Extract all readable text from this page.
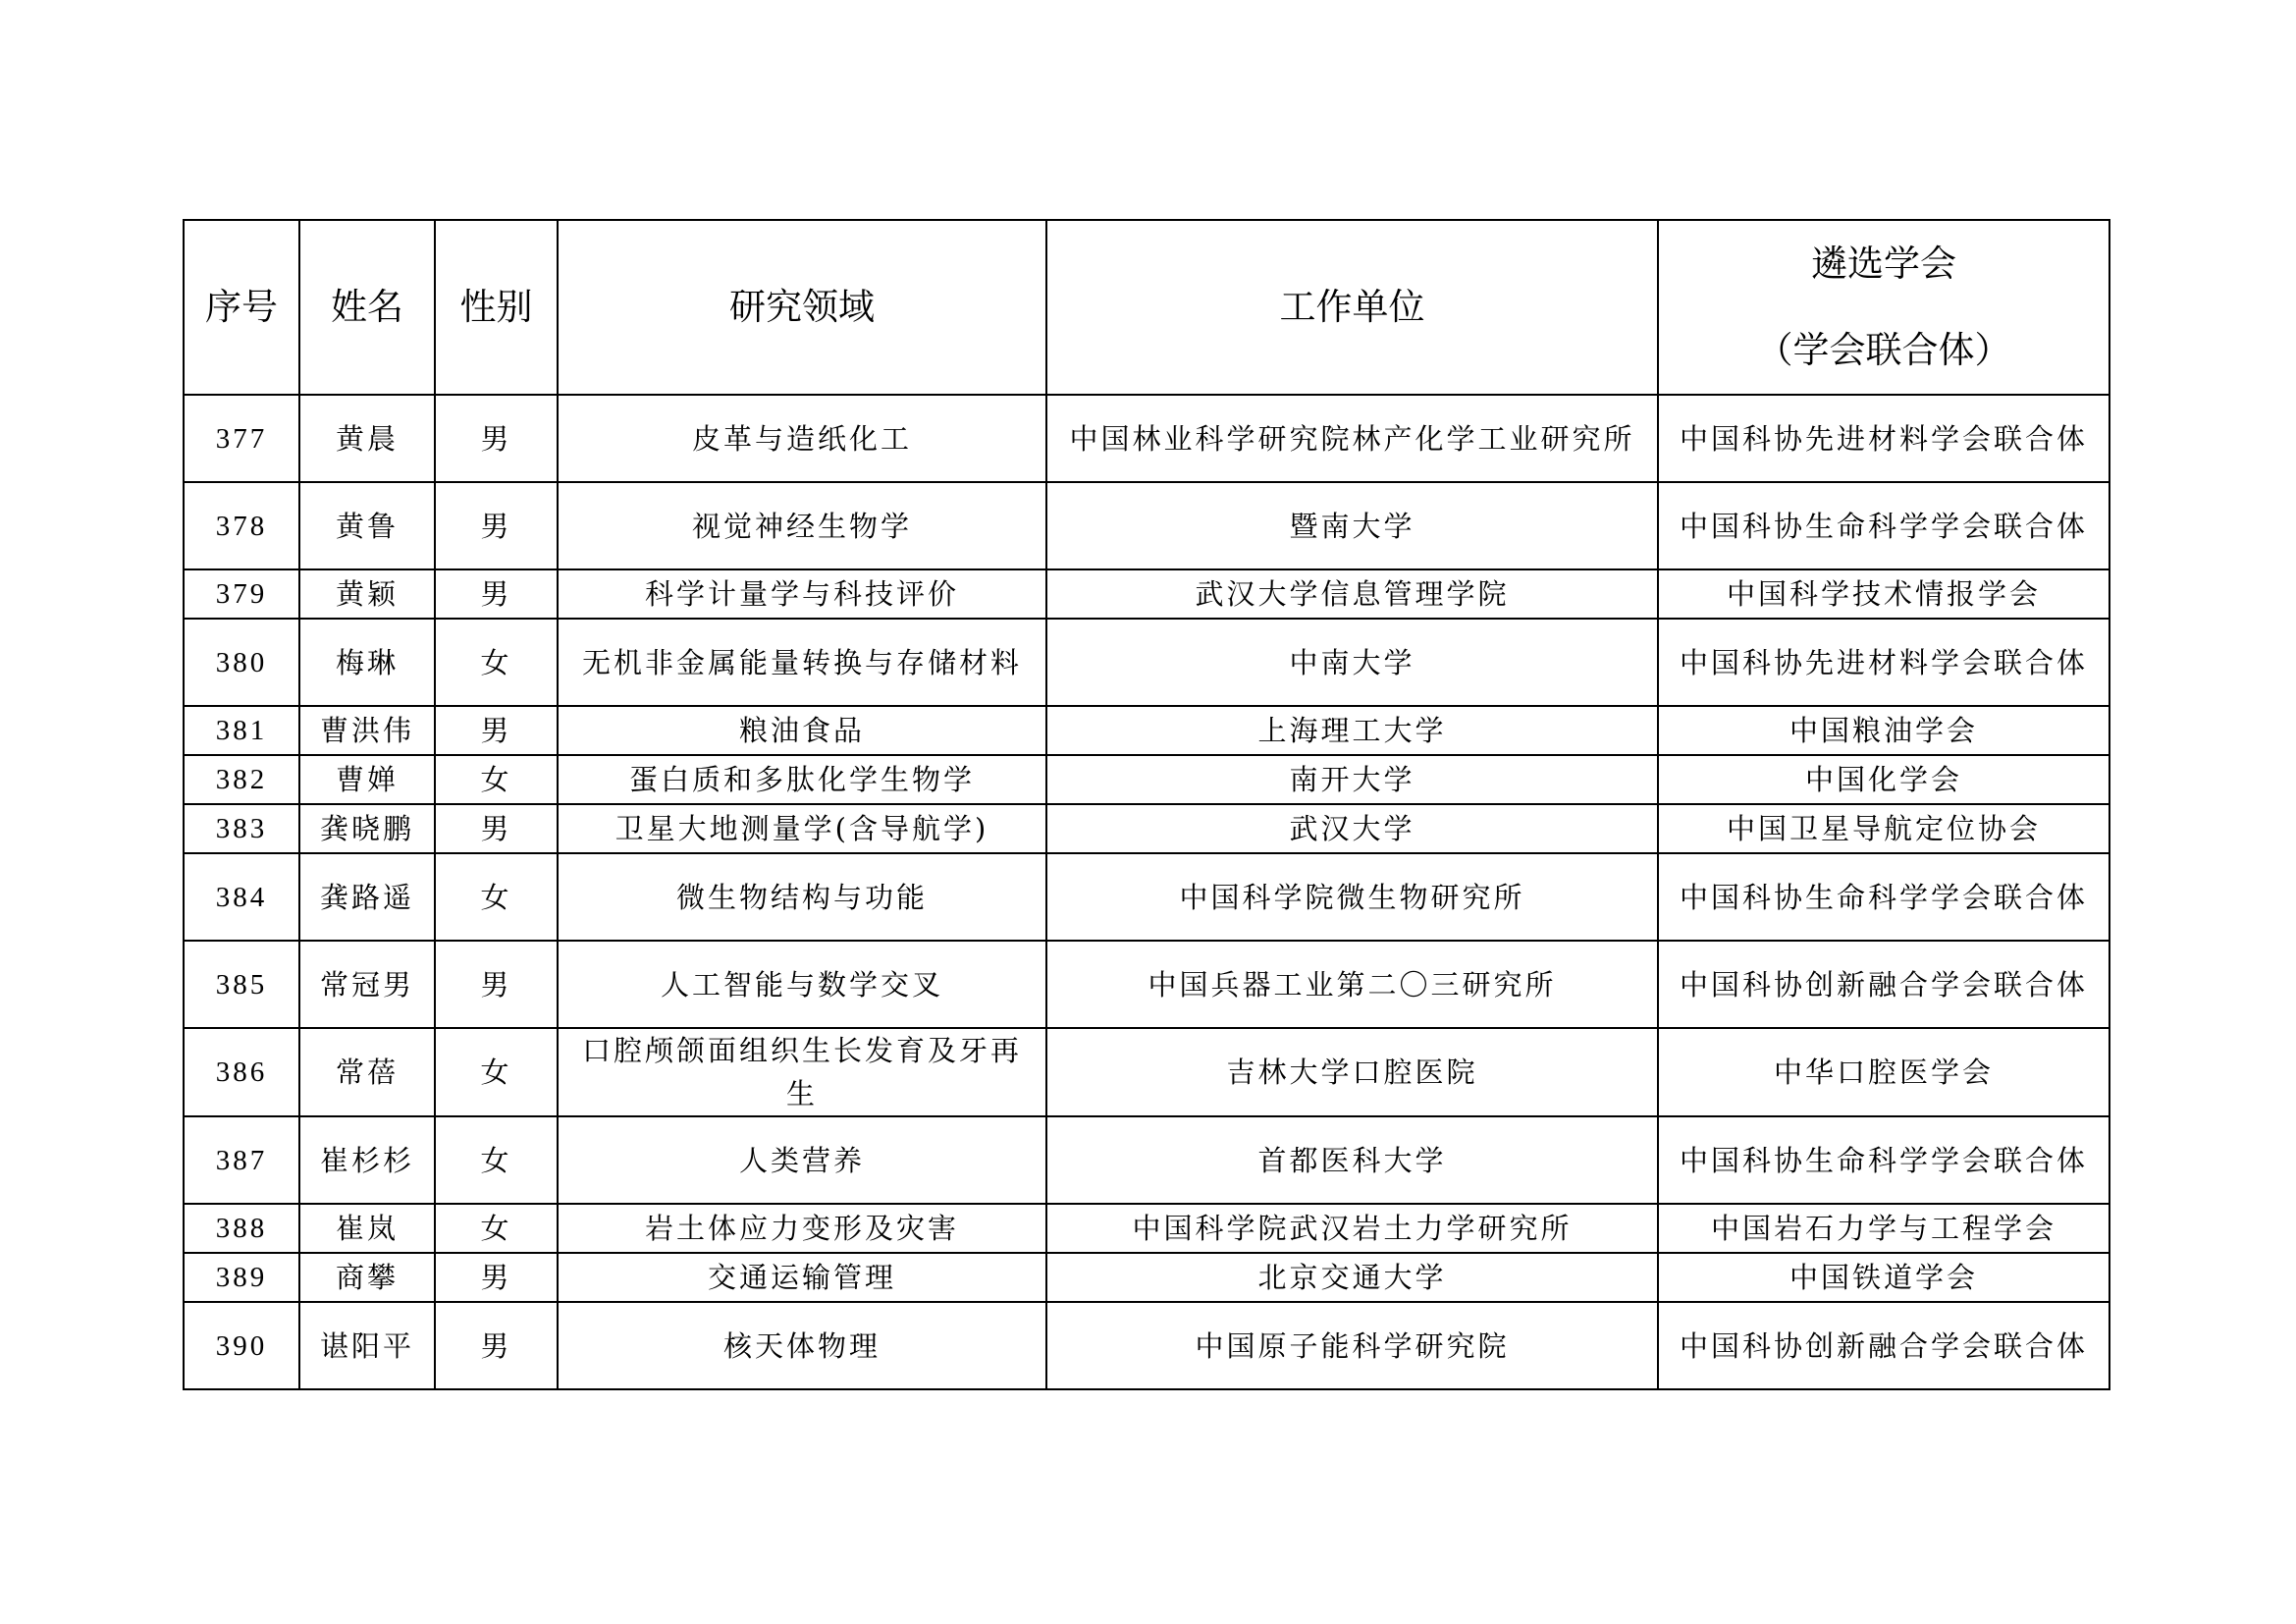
序号	姓名	性别	研究领域	工作单位	遴选学会
（学会联合体）

377	黄晨	男	皮革与造纸化工	中国林业科学研究院林产化学工业研究所	中国科协先进材料学会联合体
378	黄鲁	男	视觉神经生物学	暨南大学	中国科协生命科学学会联合体
379	黄颖	男	科学计量学与科技评价	武汉大学信息管理学院	中国科学技术情报学会
380	梅琳	女	无机非金属能量转换与存储材料	中南大学	中国科协先进材料学会联合体
381	曹洪伟	男	粮油食品	上海理工大学	中国粮油学会
382	曹婵	女	蛋白质和多肽化学生物学	南开大学	中国化学会
383	龚晓鹏	男	卫星大地测量学(含导航学)	武汉大学	中国卫星导航定位协会
384	龚路遥	女	微生物结构与功能	中国科学院微生物研究所	中国科协生命科学学会联合体
385	常冠男	男	人工智能与数学交叉	中国兵器工业第二〇三研究所	中国科协创新融合学会联合体
386	常蓓	女	口腔颅颌面组织生长发育及牙再生	吉林大学口腔医院	中华口腔医学会
387	崔杉杉	女	人类营养	首都医科大学	中国科协生命科学学会联合体
388	崔岚	女	岩土体应力变形及灾害	中国科学院武汉岩土力学研究所	中国岩石力学与工程学会
389	商攀	男	交通运输管理	北京交通大学	中国铁道学会
390	谌阳平	男	核天体物理	中国原子能科学研究院	中国科协创新融合学会联合体
